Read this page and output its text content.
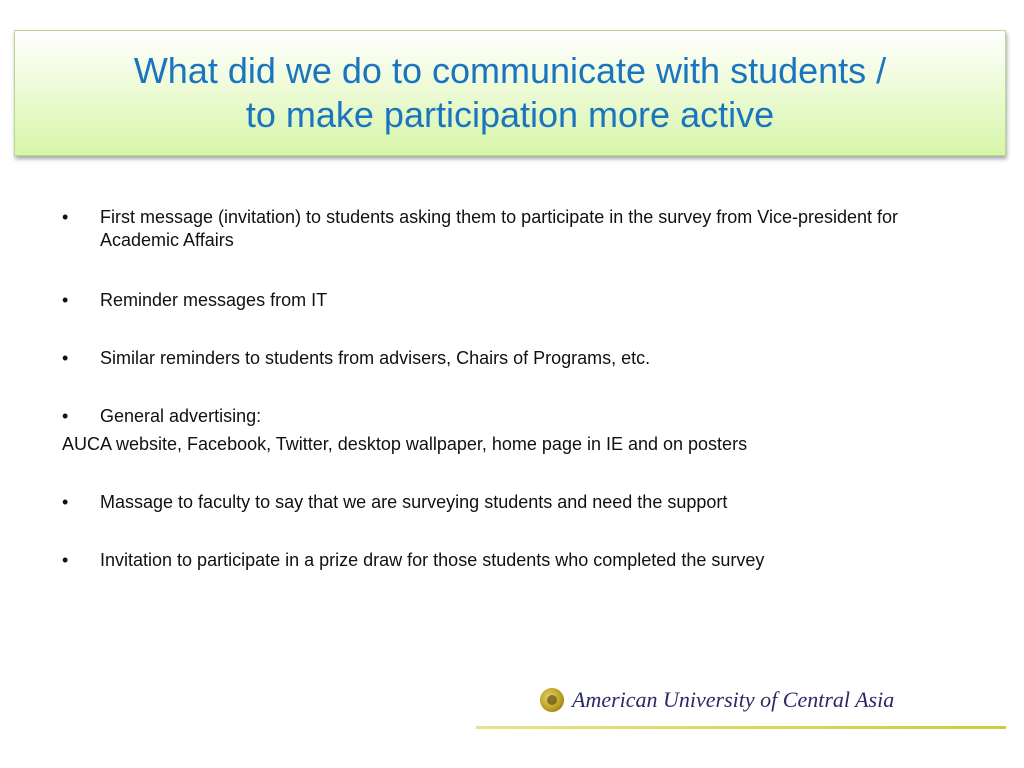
What did we do to communicate with students /
to make participation more active
• First message (invitation) to students asking them to participate in the survey from Vice-president for Academic Affairs
• Reminder messages from IT
• Similar reminders to students from advisers, Chairs of Programs, etc.
• General advertising:
AUCA website, Facebook, Twitter, desktop wallpaper, home page in IE and on posters
• Massage to faculty to say that we are surveying students and need the support
• Invitation to participate in a prize draw for those students who completed the survey
American University of Central Asia
